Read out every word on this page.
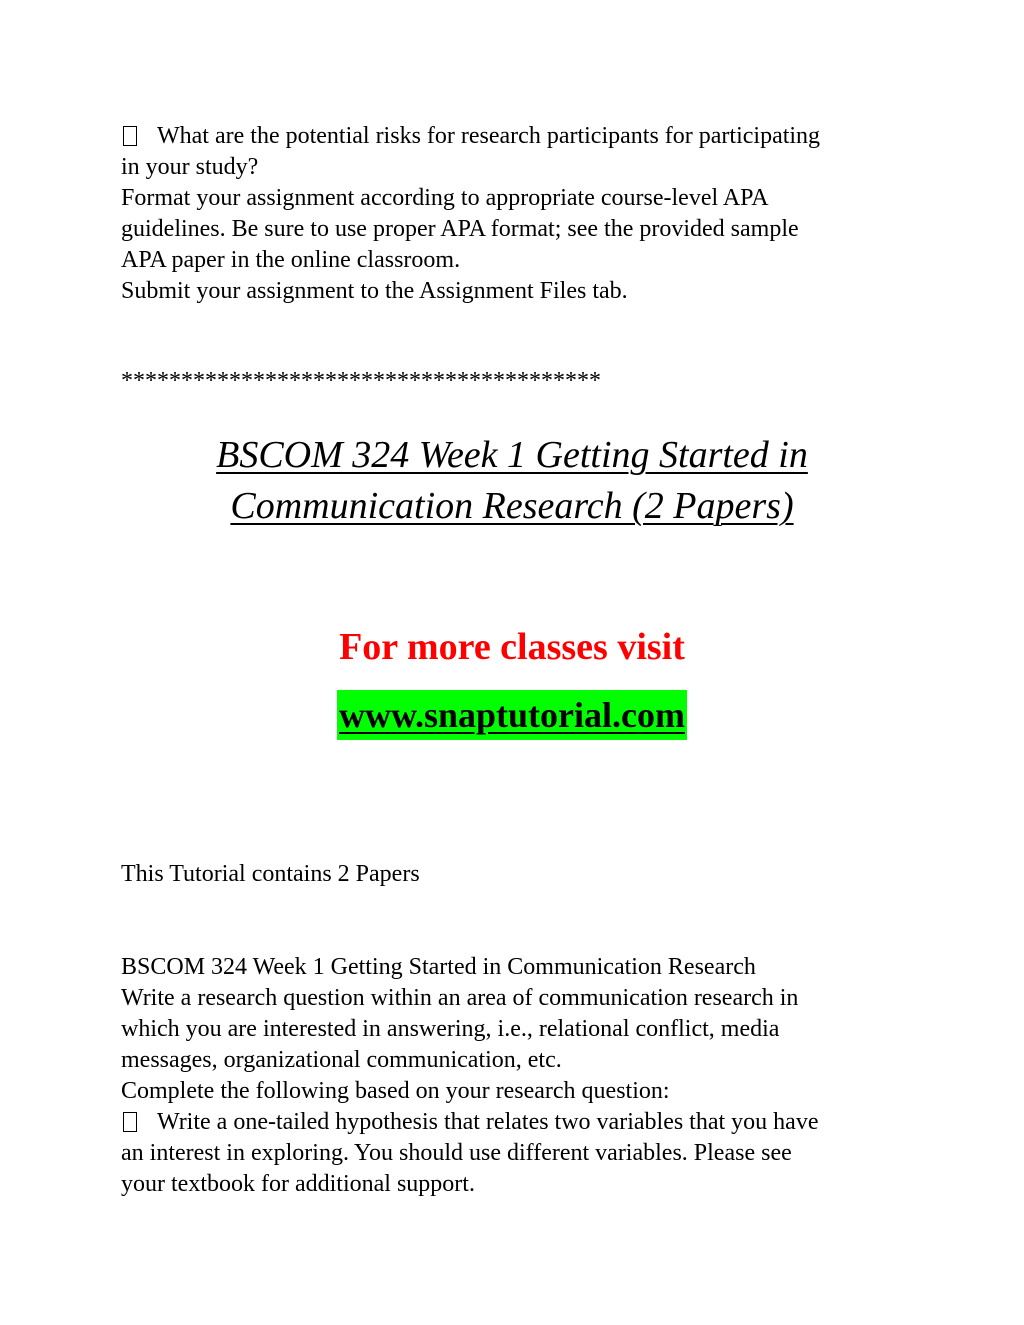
What are the potential risks for research participants for participating
in your study?
Format your assignment according to appropriate course-level APA
guidelines. Be sure to use proper APA format; see the provided sample
APA paper in the online classroom.
Submit your assignment to the Assignment Files tab.
****************************************
BSCOM 324 Week 1 Getting Started in
Communication Research (2 Papers)
For more classes visit
www.snaptutorial.com
This Tutorial contains 2 Papers
BSCOM 324 Week 1 Getting Started in Communication Research
Write a research question within an area of communication research in
which you are interested in answering, i.e., relational conflict, media
messages, organizational communication, etc.
Complete the following based on your research question:
Write a one-tailed hypothesis that relates two variables that you have
an interest in exploring. You should use different variables. Please see
your textbook for additional support.
